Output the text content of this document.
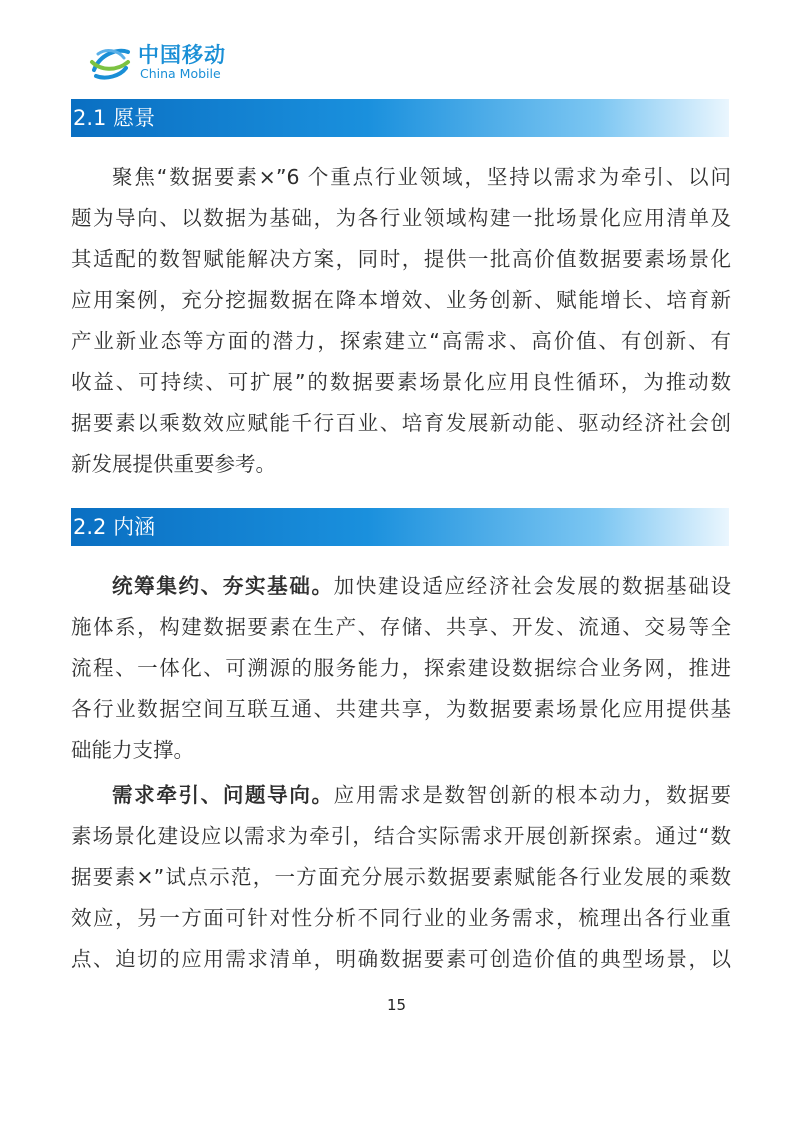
中国移动
China Mobile
2.1 愿景
聚焦“数据要素×”6 个重点行业领域，坚持以需求为牵引、以问
题为导向、以数据为基础，为各行业领域构建一批场景化应用清单及
其适配的数智赋能解决方案，同时，提供一批高价值数据要素场景化
应用案例，充分挖掘数据在降本增效、业务创新、赋能增长、培育新
产业新业态等方面的潜力，探索建立“高需求、高价值、有创新、有
收益、可持续、可扩展”的数据要素场景化应用良性循环，为推动数
据要素以乘数效应赋能千行百业、培育发展新动能、驱动经济社会创
新发展提供重要参考。
2.2 内涵
统筹集约、夯实基础。加快建设适应经济社会发展的数据基础设
施体系，构建数据要素在生产、存储、共享、开发、流通、交易等全
流程、一体化、可溯源的服务能力，探索建设数据综合业务网，推进
各行业数据空间互联互通、共建共享，为数据要素场景化应用提供基
础能力支撑。
需求牵引、问题导向。应用需求是数智创新的根本动力，数据要
素场景化建设应以需求为牵引，结合实际需求开展创新探索。通过“数
据要素×”试点示范，一方面充分展示数据要素赋能各行业发展的乘数
效应，另一方面可针对性分析不同行业的业务需求，梳理出各行业重
点、迫切的应用需求清单，明确数据要素可创造价值的典型场景，以
15
